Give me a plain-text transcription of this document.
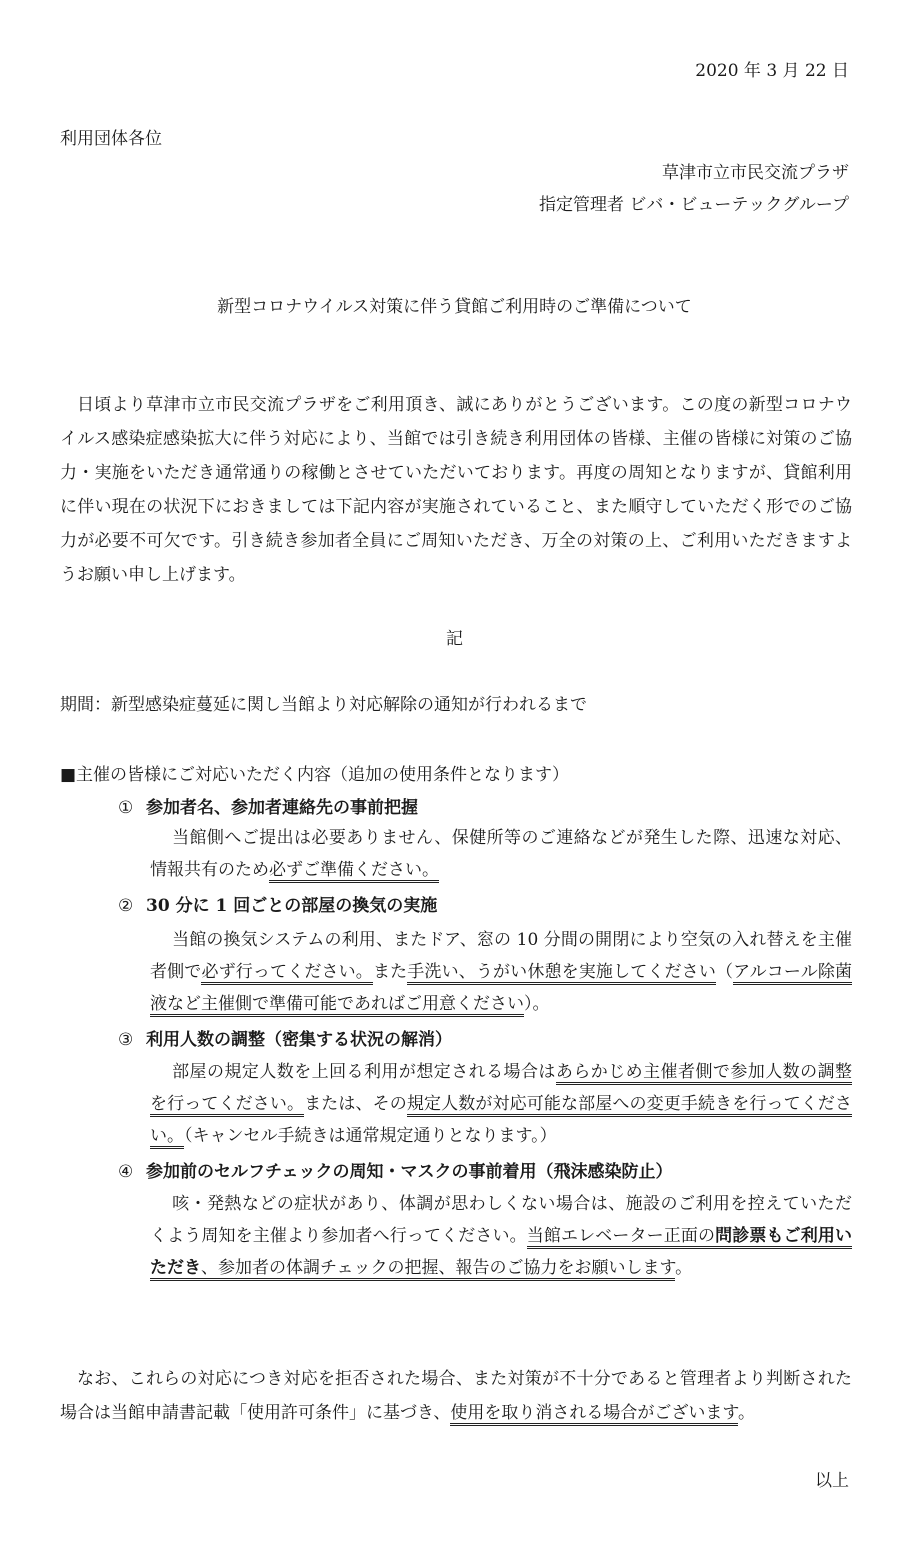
2020 年 3 月 22 日

利用団体各位

草津市立市民交流プラザ

指定管理者 ビバ・ビューテックグループ

新型コロナウイルス対策に伴う貸館ご利用時のご準備について

日頃より草津市立市民交流プラザをご利用頂き、誠にありがとうございます。この度の新型コロナウイルス感染症感染拡大に伴う対応により、当館では引き続き利用団体の皆様、主催の皆様に対策のご協力・実施をいただき通常通りの稼働とさせていただいております。再度の周知となりますが、貸館利用に伴い現在の状況下におきましては下記内容が実施されていること、また順守していただく形でのご協力が必要不可欠です。引き続き参加者全員にご周知いただき、万全の対策の上、ご利用いただきますようお願い申し上げます。

記

期間：新型感染症蔓延に関し当館より対応解除の通知が行われるまで

■主催の皆様にご対応いただく内容（追加の使用条件となります）

① 参加者名、参加者連絡先の事前把握

当館側へご提出は必要ありません、保健所等のご連絡などが発生した際、迅速な対応、情報共有のため必ずご準備ください。

② 30 分に 1 回ごとの部屋の換気の実施

当館の換気システムの利用、またドア、窓の 10 分間の開閉により空気の入れ替えを主催者側で必ず行ってください。また手洗い、うがい休憩を実施してください（アルコール除菌液など主催側で準備可能であればご用意ください）。

③ 利用人数の調整（密集する状況の解消）

部屋の規定人数を上回る利用が想定される場合はあらかじめ主催者側で参加人数の調整を行ってください。または、その規定人数が対応可能な部屋への変更手続きを行ってください。（キャンセル手続きは通常規定通りとなります。）

④ 参加前のセルフチェックの周知・マスクの事前着用（飛沫感染防止）

咳・発熱などの症状があり、体調が思わしくない場合は、施設のご利用を控えていただくよう周知を主催より参加者へ行ってください。当館エレベーター正面の問診票もご利用いただき、参加者の体調チェックの把握、報告のご協力をお願いします。

なお、これらの対応につき対応を拒否された場合、また対策が不十分であると管理者より判断された場合は当館申請書記載「使用許可条件」に基づき、使用を取り消される場合がございます。

以上
